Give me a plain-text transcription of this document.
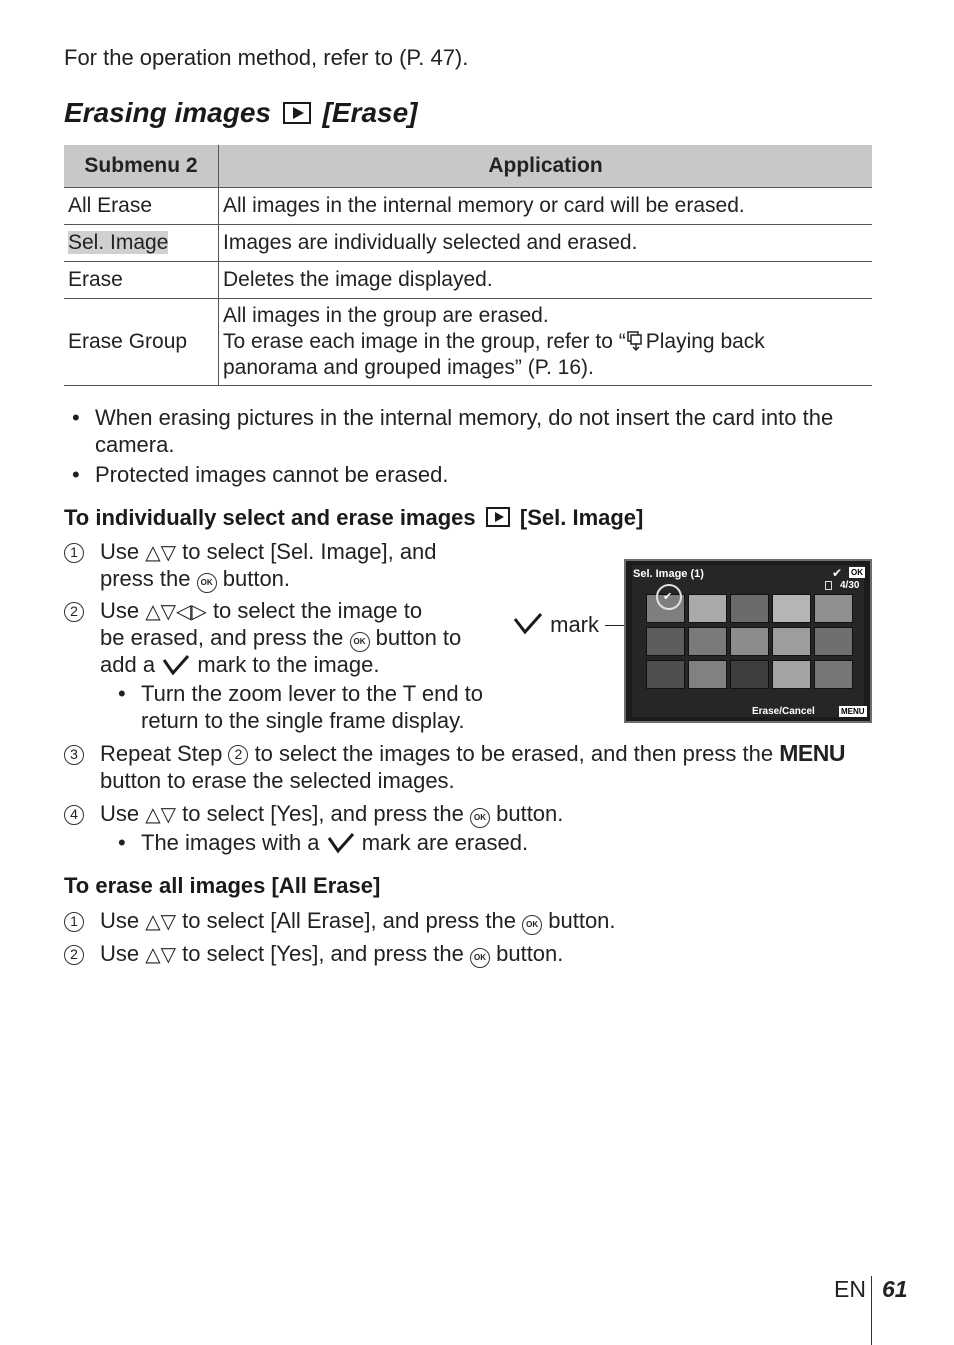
For the operation method, refer to (P. 47).
Erasing images [Erase]
Submenu 2	Application
All Erase	All images in the internal memory or card will be erased.
Sel. Image	Images are individually selected and erased.
Erase	Deletes the image displayed.
Erase Group	All images in the group are erased.
To erase each image in the group, refer to “ Playing back
panorama and grouped images” (P. 16).
• When erasing pictures in the internal memory, do not insert the card into the
camera.
• Protected images cannot be erased.
To individually select and erase images [Sel. Image]
1 Use △▽ to select [Sel. Image], and
press the OK button.
2 Use △▽◁▷ to select the image to
be erased, and press the OK button to
add a mark to the image.
• Turn the zoom lever to the T end to
return to the single frame display.
mark
Sel. Image (1)	✔ OK
4/30
✔
Erase/Cancel	MENU
3 Repeat Step 2 to select the images to be erased, and then press the MENU
button to erase the selected images.
4 Use △▽ to select [Yes], and press the OK button.
• The images with a mark are erased.
To erase all images [All Erase]
1 Use △▽ to select [All Erase], and press the OK button.
2 Use △▽ to select [Yes], and press the OK button.
EN 61
